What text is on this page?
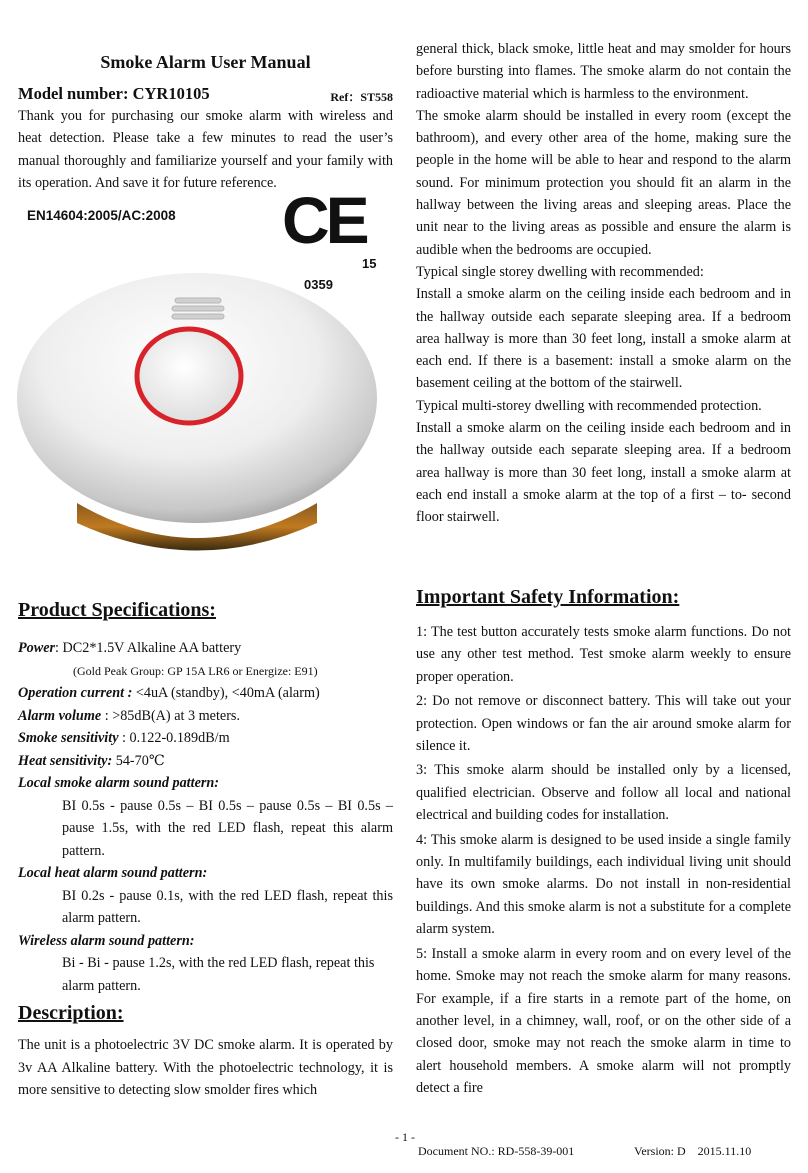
Smoke Alarm User Manual
Model number: CYR10105	Ref：ST558
Thank you for purchasing our smoke alarm with wireless and heat detection. Please take a few minutes to read the user’s manual thoroughly and familiarize yourself and your family with its operation. And save it for future reference.
EN14604:2005/AC:2008 CE
15
0359
Product Specifications:

Power: DC2*1.5V Alkaline AA battery

(Gold Peak Group: GP 15A LR6 or Energize: E91)

Operation current : <4uA (standby), <40mA (alarm)

Alarm volume : >85dB(A) at 3 meters.

Smoke sensitivity : 0.122-0.189dB/m

Heat sensitivity: 54-70℃

Local smoke alarm sound pattern:

BI 0.5s - pause 0.5s – BI 0.5s – pause 0.5s – BI 0.5s – pause 1.5s, with the red LED flash, repeat this alarm pattern.

Local heat alarm sound pattern:

BI 0.2s - pause 0.1s, with the red LED flash, repeat this alarm pattern.

Wireless alarm sound pattern:

Bi - Bi - pause 1.2s, with the red LED flash, repeat this alarm pattern.

Description:

The unit is a photoelectric 3V DC smoke alarm. It is operated by 3v AA Alkaline battery. With the photoelectric technology, it is more sensitive to detecting slow smolder fires which

general thick, black smoke, little heat and may smolder for hours before bursting into flames. The smoke alarm do not contain the radioactive material which is harmless to the environment.

The smoke alarm should be installed in every room (except the bathroom), and every other area of the home, making sure the people in the home will be able to hear and respond to the alarm sound. For minimum protection you should fit an alarm in the hallway between the living areas and sleeping areas. Place the unit near to the living areas as possible and ensure the alarm is audible when the bedrooms are occupied.

Typical single storey dwelling with recommended:

Install a smoke alarm on the ceiling inside each bedroom and in the hallway outside each separate sleeping area. If a bedroom area hallway is more than 30 feet long, install a smoke alarm at each end. If there is a basement: install a smoke alarm on the basement ceiling at the bottom of the stairwell.

Typical multi-storey dwelling with recommended protection.

Install a smoke alarm on the ceiling inside each bedroom and in the hallway outside each separate sleeping area. If a bedroom area hallway is more than 30 feet long, install a smoke alarm at each end install a smoke alarm at the top of a first – to- second floor stairwell.

Important Safety Information:
1: The test button accurately tests smoke alarm functions. Do not use any other test method. Test smoke alarm weekly to ensure proper operation.
2: Do not remove or disconnect battery. This will take out your protection. Open windows or fan the air around smoke alarm for silence it.
3: This smoke alarm should be installed only by a licensed, qualified electrician. Observe and follow all local and national electrical and building codes for installation.
4: This smoke alarm is designed to be used inside a single family only. In multifamily buildings, each individual living unit should have its own smoke alarms. Do not install in non-residential buildings. And this smoke alarm is not a substitute for a complete alarm system.
5: Install a smoke alarm in every room and on every level of the home. Smoke may not reach the smoke alarm for many reasons. For example, if a fire starts in a remote part of the home, on another level, in a chimney, wall, roof, or on the other side of a closed door, smoke may not reach the smoke alarm in time to alert household members. A smoke alarm will not promptly detect a fire
- 1 -
Document NO.: RD-558-39-001	Version: D    2015.11.10
